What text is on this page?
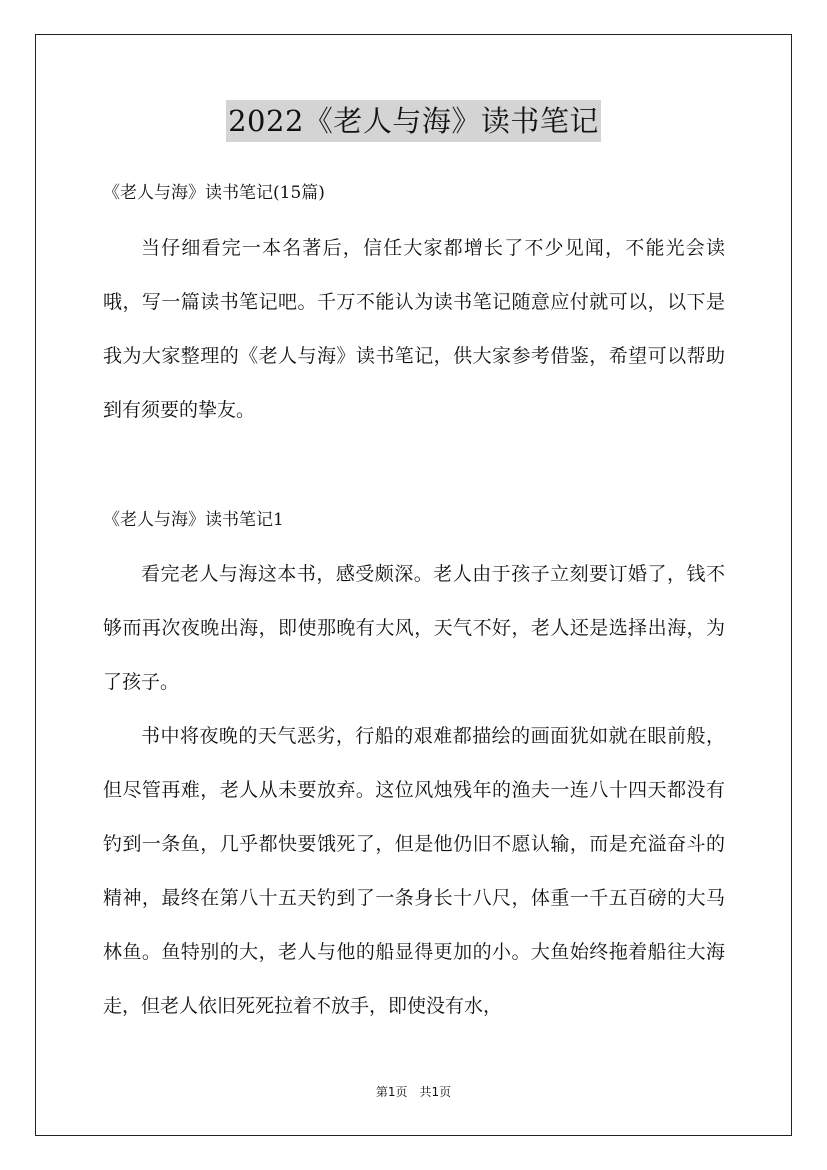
2022《老人与海》读书笔记
《老人与海》读书笔记(15篇)

当仔细看完一本名著后，信任大家都增长了不少见闻，不能光会读哦，写一篇读书笔记吧。千万不能认为读书笔记随意应付就可以，以下是我为大家整理的《老人与海》读书笔记，供大家参考借鉴，希望可以帮助到有须要的挚友。

《老人与海》读书笔记1

看完老人与海这本书，感受颇深。老人由于孩子立刻要订婚了，钱不够而再次夜晚出海，即使那晚有大风，天气不好，老人还是选择出海，为了孩子。

书中将夜晚的天气恶劣，行船的艰难都描绘的画面犹如就在眼前般，但尽管再难，老人从未要放弃。这位风烛残年的渔夫一连八十四天都没有钓到一条鱼，几乎都快要饿死了，但是他仍旧不愿认输，而是充溢奋斗的精神，最终在第八十五天钓到了一条身长十八尺，体重一千五百磅的大马林鱼。鱼特别的大，老人与他的船显得更加的小。大鱼始终拖着船往大海走，但老人依旧死死拉着不放手，即使没有水，

第1页　共1页
